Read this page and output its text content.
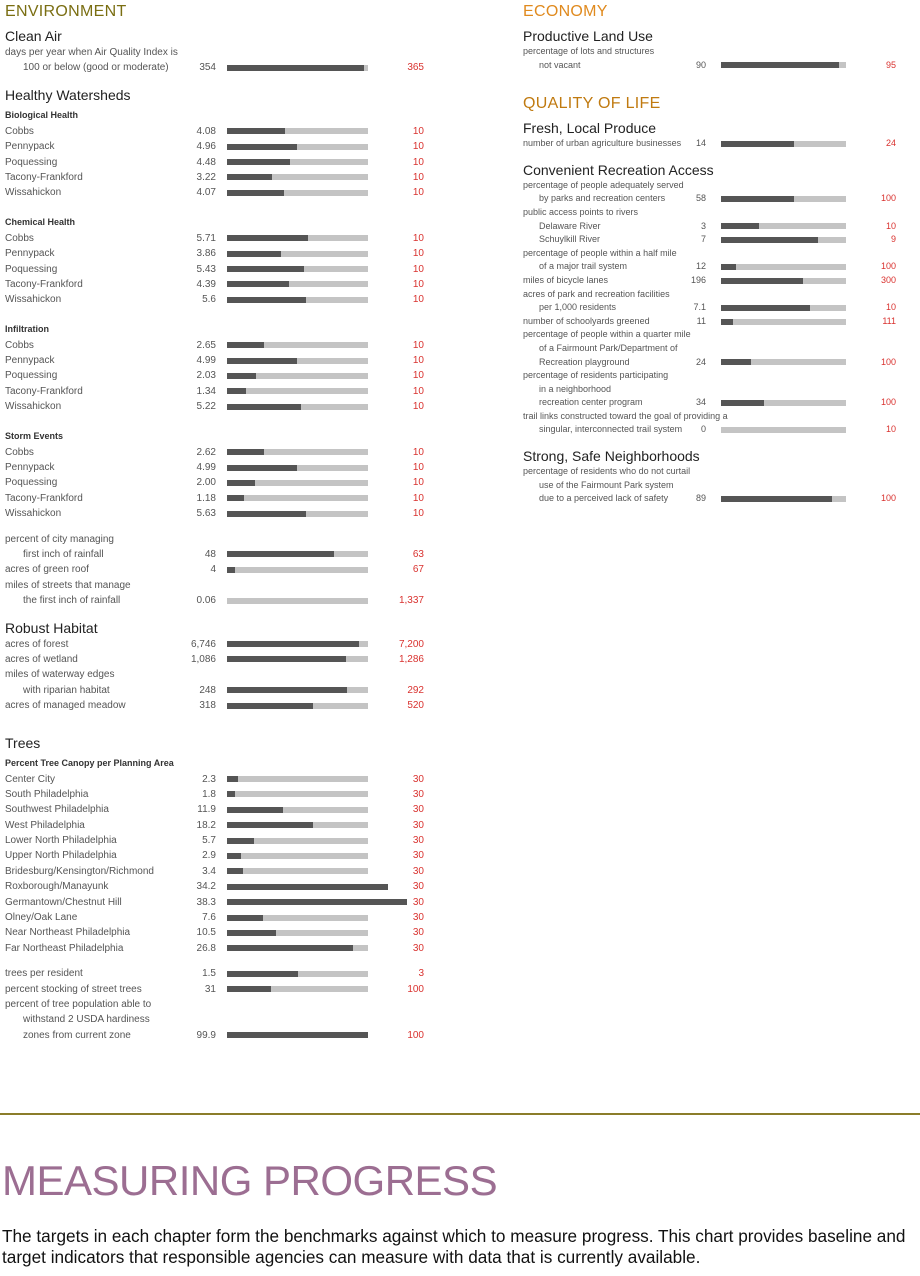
ENVIRONMENT
Clean Air
days per year when Air Quality Index is
100 or below (good or moderate)	354	365
Healthy Watersheds
Biological Health
Cobbs	4.08	10
Pennypack	4.96	10
Poquessing	4.48	10
Tacony-Frankford	3.22	10
Wissahickon	4.07	10
Chemical Health
Cobbs	5.71	10
Pennypack	3.86	10
Poquessing	5.43	10
Tacony-Frankford	4.39	10
Wissahickon	5.6	10
Infiltration
Cobbs	2.65	10
Pennypack	4.99	10
Poquessing	2.03	10
Tacony-Frankford	1.34	10
Wissahickon	5.22	10
Storm Events
Cobbs	2.62	10
Pennypack	4.99	10
Poquessing	2.00	10
Tacony-Frankford	1.18	10
Wissahickon	5.63	10
percent of city managing
first inch of rainfall	48	63
acres of green roof	4	67
miles of streets that manage
the first inch of rainfall	0.06	1,337
Robust Habitat
acres of forest	6,746	7,200
acres of wetland	1,086	1,286
miles of waterway edges
with riparian habitat	248	292
acres of managed meadow	318	520
Trees
Percent Tree Canopy per Planning Area
Center City	2.3	30
South Philadelphia	1.8	30
Southwest Philadelphia	11.9	30
West Philadelphia	18.2	30
Lower North Philadelphia	5.7	30
Upper North Philadelphia	2.9	30
Bridesburg/Kensington/Richmond	3.4	30
Roxborough/Manayunk	34.2	30
Germantown/Chestnut Hill	38.3	30
Olney/Oak Lane	7.6	30
Near Northeast Philadelphia	10.5	30
Far Northeast Philadelphia	26.8	30
trees per resident	1.5	3
percent stocking of street trees	31	100
percent of tree population able to
withstand 2 USDA hardiness
zones from current zone	99.9	100
ECONOMY
Productive Land Use
percentage of lots and structures
not vacant	90	95
QUALITY OF LIFE
Fresh, Local Produce
number of urban agriculture businesses	14	24
Convenient Recreation Access
percentage of people adequately served
by parks and recreation centers	58	100
public access points to rivers
Delaware River	3	10
Schuylkill River	7	9
percentage of people within a half mile
of a major trail system	12	100
miles of bicycle lanes	196	300
acres of park and recreation facilities
per 1,000 residents	7.1	10
number of schoolyards greened	11	111
percentage of people within a quarter mile
of a Fairmount Park/Department of
Recreation playground	24	100
percentage of residents participating
in a neighborhood
recreation center program	34	100
trail links constructed toward the goal of providing a
singular, interconnected trail system	0	10
Strong, Safe Neighborhoods
percentage of residents who do not curtail
use of the Fairmount Park system
due to a perceived lack of safety	89	100
MEASURING PROGRESS

The targets in each chapter form the benchmarks against which to measure progress. This chart provides baseline and target indicators that responsible agencies can measure with data that is currently available.
